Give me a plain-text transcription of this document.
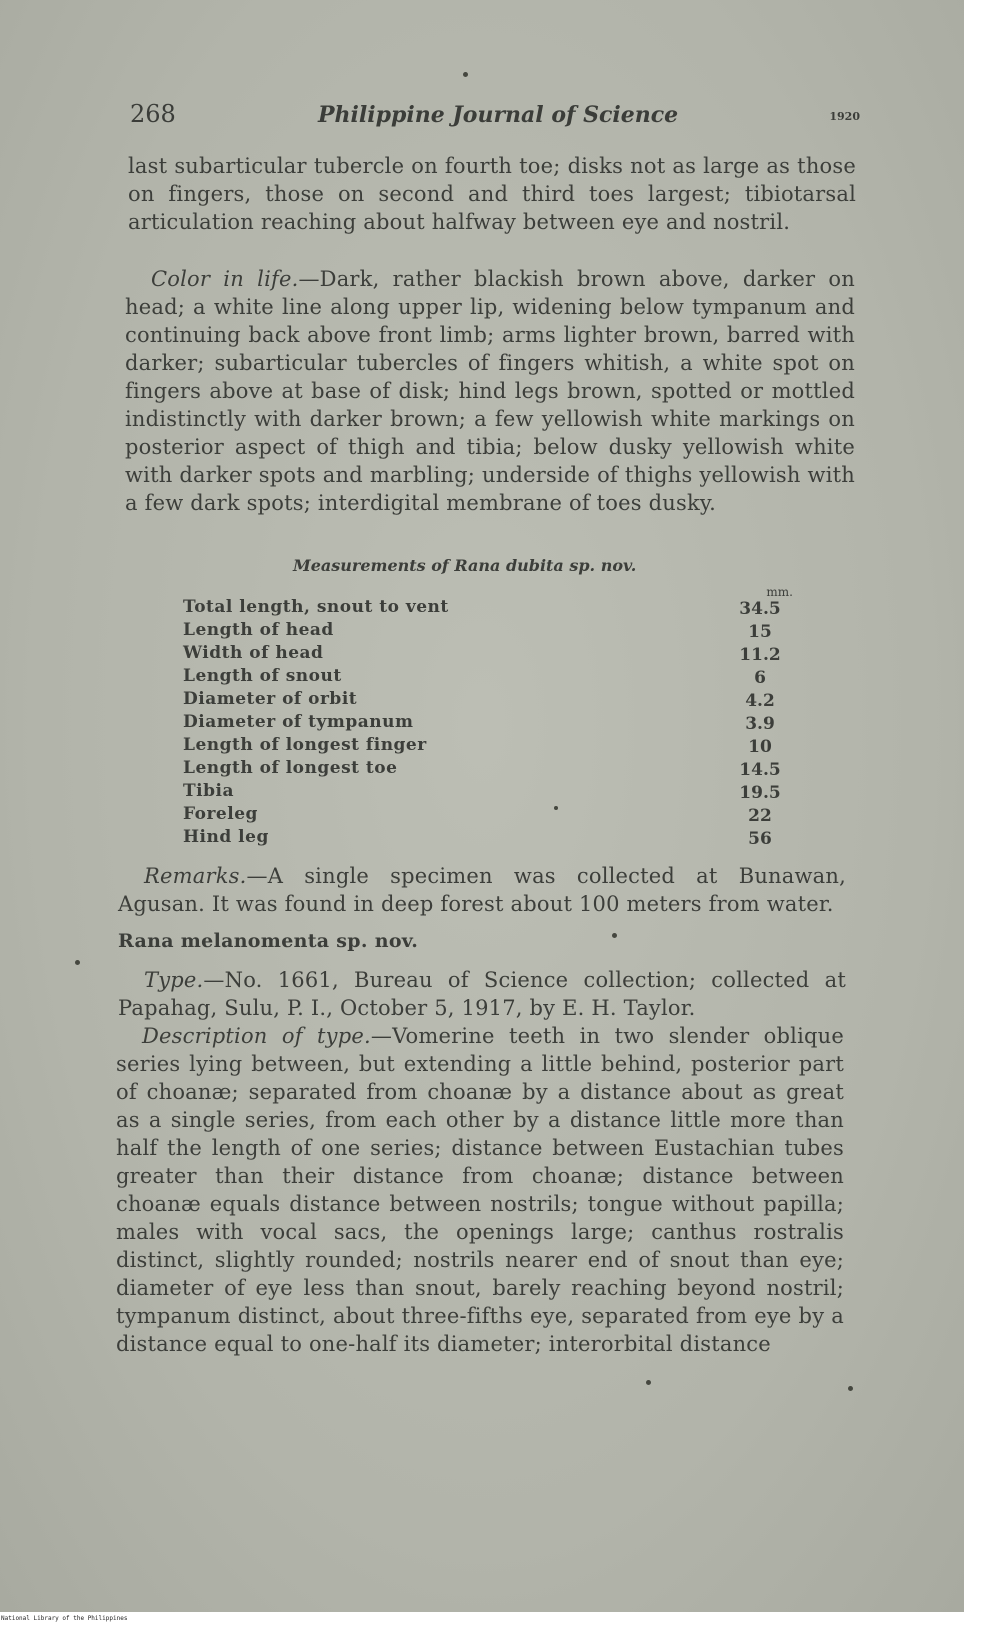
268	Philippine Journal of Science	1920

last subarticular tubercle on fourth toe; disks not as large as those on fingers, those on second and third toes largest; tibiotarsal articulation reaching about halfway between eye and nostril.

Color in life.—Dark, rather blackish brown above, darker on head; a white line along upper lip, widening below tympanum and continuing back above front limb; arms lighter brown, barred with darker; subarticular tubercles of fingers whitish, a white spot on fingers above at base of disk; hind legs brown, spotted or mottled indistinctly with darker brown; a few yellowish white markings on posterior aspect of thigh and tibia; below dusky yellowish white with darker spots and marbling; underside of thighs yellowish with a few dark spots; interdigital membrane of toes dusky.

Measurements of Rana dubita sp. nov.
mm.
Total length, snout to vent	34.5
Length of head	15
Width of head	11.2
Length of snout	6
Diameter of orbit	4.2
Diameter of tympanum	3.9
Length of longest finger	10
Length of longest toe	14.5
Tibia	19.5
Foreleg	22
Hind leg	56

Remarks.—A single specimen was collected at Bunawan, Agusan. It was found in deep forest about 100 meters from water.

Rana melanomenta sp. nov.

Type.—No. 1661, Bureau of Science collection; collected at Papahag, Sulu, P. I., October 5, 1917, by E. H. Taylor.

Description of type.—Vomerine teeth in two slender oblique series lying between, but extending a little behind, posterior part of choanæ; separated from choanæ by a distance about as great as a single series, from each other by a distance little more than half the length of one series; distance between Eustachian tubes greater than their distance from choanæ; distance between choanæ equals distance between nostrils; tongue without papilla; males with vocal sacs, the openings large; canthus rostralis distinct, slightly rounded; nostrils nearer end of snout than eye; diameter of eye less than snout, barely reaching beyond nostril; tympanum distinct, about three-fifths eye, separated from eye by a distance equal to one-half its diameter; interorbital distance

National Library of the Philippines
